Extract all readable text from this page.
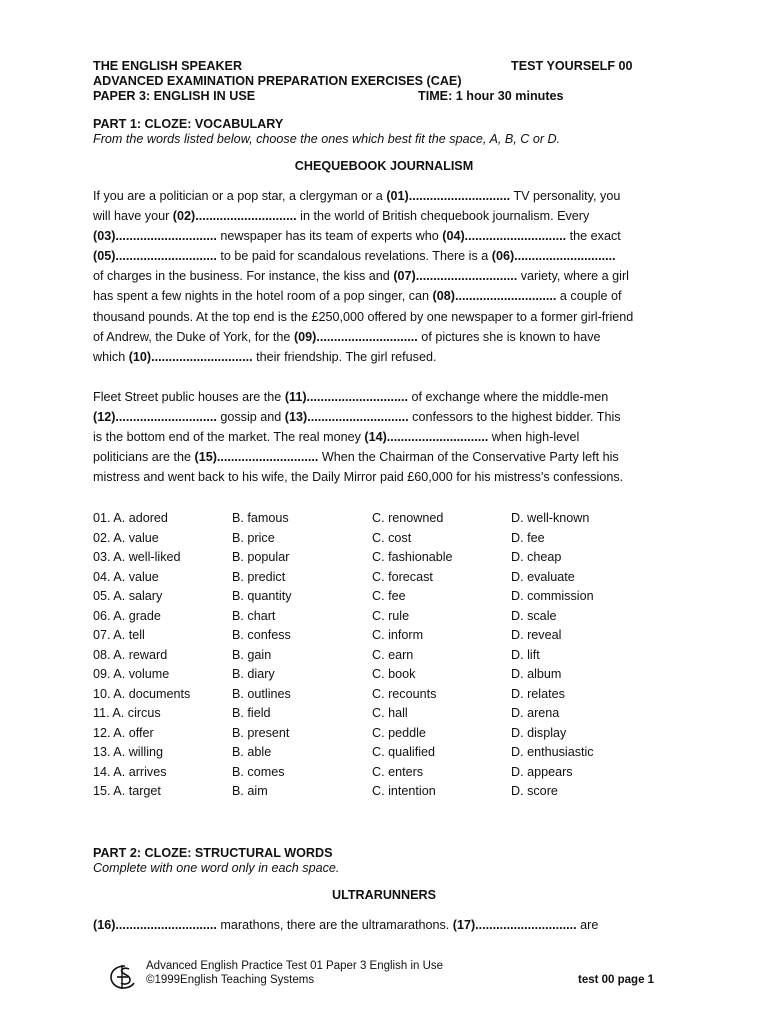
THE ENGLISH SPEAKER	TEST YOURSELF 00
ADVANCED EXAMINATION PREPARATION EXERCISES (CAE)
PAPER 3: ENGLISH IN USE	TIME: 1 hour 30 minutes
PART 1: CLOZE: VOCABULARY
From the words listed below, choose the ones which best fit the space, A, B, C or D.
CHEQUEBOOK JOURNALISM
If you are a politician or a pop star, a clergyman or a (01)............................. TV personality, you
will have your (02)............................. in the world of British chequebook journalism. Every
(03)............................. newspaper has its team of experts who (04)............................. the exact
(05)............................. to be paid for scandalous revelations. There is a (06).............................
of charges in the business. For instance, the kiss and (07)............................. variety, where a girl
has spent a few nights in the hotel room of a pop singer, can (08)............................. a couple of
thousand pounds. At the top end is the £250,000 offered by one newspaper to a former girl-friend
of Andrew, the Duke of York, for the (09)............................. of pictures she is known to have
which (10)............................. their friendship. The girl refused.
Fleet Street public houses are the (11)............................. of exchange where the middle-men
(12)............................. gossip and (13)............................. confessors to the highest bidder. This
is the bottom end of the market. The real money (14)............................. when high-level
politicians are the (15)............................. When the Chairman of the Conservative Party left his
mistress and went back to his wife, the Daily Mirror paid £60,000 for his mistress's confessions.
01. A. adored	B. famous	C. renowned	D. well-known
02. A. value	B. price	C. cost	D. fee
03. A. well-liked	B. popular	C. fashionable	D. cheap
04. A. value	B. predict	C. forecast	D. evaluate
05. A. salary	B. quantity	C. fee	D. commission
06. A. grade	B. chart	C. rule	D. scale
07. A. tell	B. confess	C. inform	D. reveal
08. A. reward	B. gain	C. earn	D. lift
09. A. volume	B. diary	C. book	D. album
10. A. documents	B. outlines	C. recounts	D. relates
11. A. circus	B. field	C. hall	D. arena
12. A. offer	B. present	C. peddle	D. display
13. A. willing	B. able	C. qualified	D. enthusiastic
14. A. arrives	B. comes	C. enters	D. appears
15. A. target	B. aim	C. intention	D. score
PART 2: CLOZE: STRUCTURAL WORDS
Complete with one word only in each space.
ULTRARUNNERS
(16)............................. marathons, there are the ultramarathons. (17)............................. are
Advanced English Practice Test 01 Paper 3 English in Use
©1999English Teaching Systems	test 00 page 1
